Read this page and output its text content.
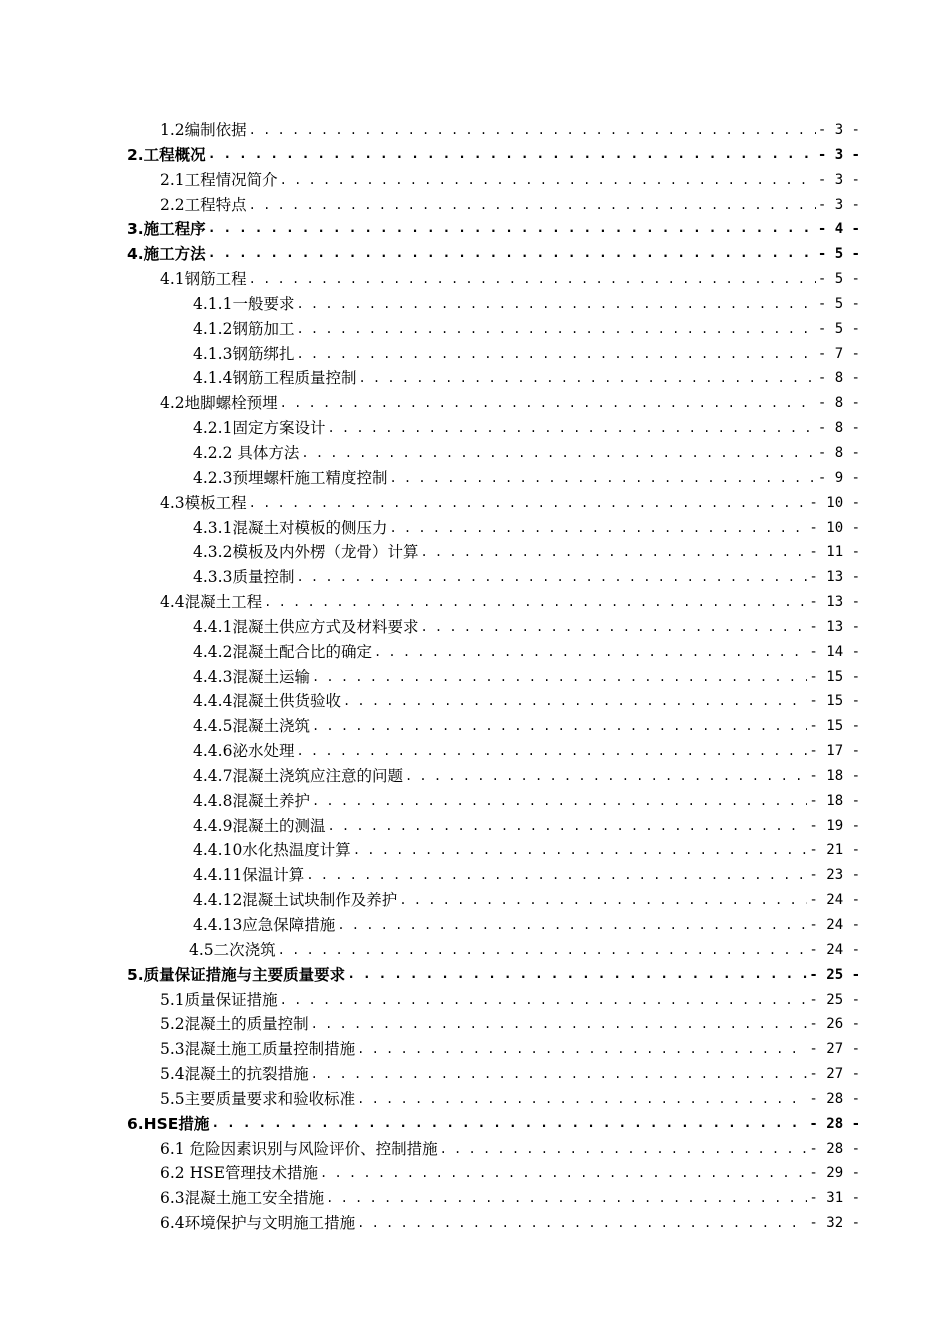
1.2编制依据 . . .	- 3 -
2.工程概况 . . .	- 3 -
2.1工程情况简介 . . .	- 3 -
2.2工程特点 . . .	- 3 -
3.施工程序 . . .	- 4 -
4.施工方法 . . .	- 5 -
4.1钢筋工程 . . .	- 5 -
4.1.1一般要求 . . .	- 5 -
4.1.2钢筋加工 . . .	- 5 -
4.1.3钢筋绑扎 . . .	- 7 -
4.1.4钢筋工程质量控制 . . .	- 8 -
4.2地脚螺栓预埋 . . .	- 8 -
4.2.1固定方案设计 . . .	- 8 -
4.2.2 具体方法 . . .	- 8 -
4.2.3预埋螺杆施工精度控制 . . .	- 9 -
4.3模板工程 . . .	- 10 -
4.3.1混凝土对模板的侧压力 . . .	- 10 -
4.3.2模板及内外楞（龙骨）计算 . . .	- 11 -
4.3.3质量控制 . . .	- 13 -
4.4混凝土工程 . . .	- 13 -
4.4.1混凝土供应方式及材料要求 . . .	- 13 -
4.4.2混凝土配合比的确定 . . .	- 14 -
4.4.3混凝土运输 . . .	- 15 -
4.4.4混凝土供货验收 . . .	- 15 -
4.4.5混凝土浇筑 . . .	- 15 -
4.4.6泌水处理 . . .	- 17 -
4.4.7混凝土浇筑应注意的问题 . . .	- 18 -
4.4.8混凝土养护 . . .	- 18 -
4.4.9混凝土的测温 . . .	- 19 -
4.4.10水化热温度计算 . . .	- 21 -
4.4.11保温计算 . . .	- 23 -
4.4.12混凝土试块制作及养护 . . .	- 24 -
4.4.13应急保障措施 . . .	- 24 -
4.5二次浇筑 . . .	- 24 -
5.质量保证措施与主要质量要求 . . .	- 25 -
5.1质量保证措施 . . .	- 25 -
5.2混凝土的质量控制 . . .	- 26 -
5.3混凝土施工质量控制措施 . . .	- 27 -
5.4混凝土的抗裂措施 . . .	- 27 -
5.5主要质量要求和验收标准 . . .	- 28 -
6.HSE措施 . . .	- 28 -
6.1 危险因素识别与风险评价、控制措施 . . .	- 28 -
6.2 HSE管理技术措施 . . .	- 29 -
6.3混凝土施工安全措施 . . .	- 31 -
6.4环境保护与文明施工措施 . . .	- 32 -
